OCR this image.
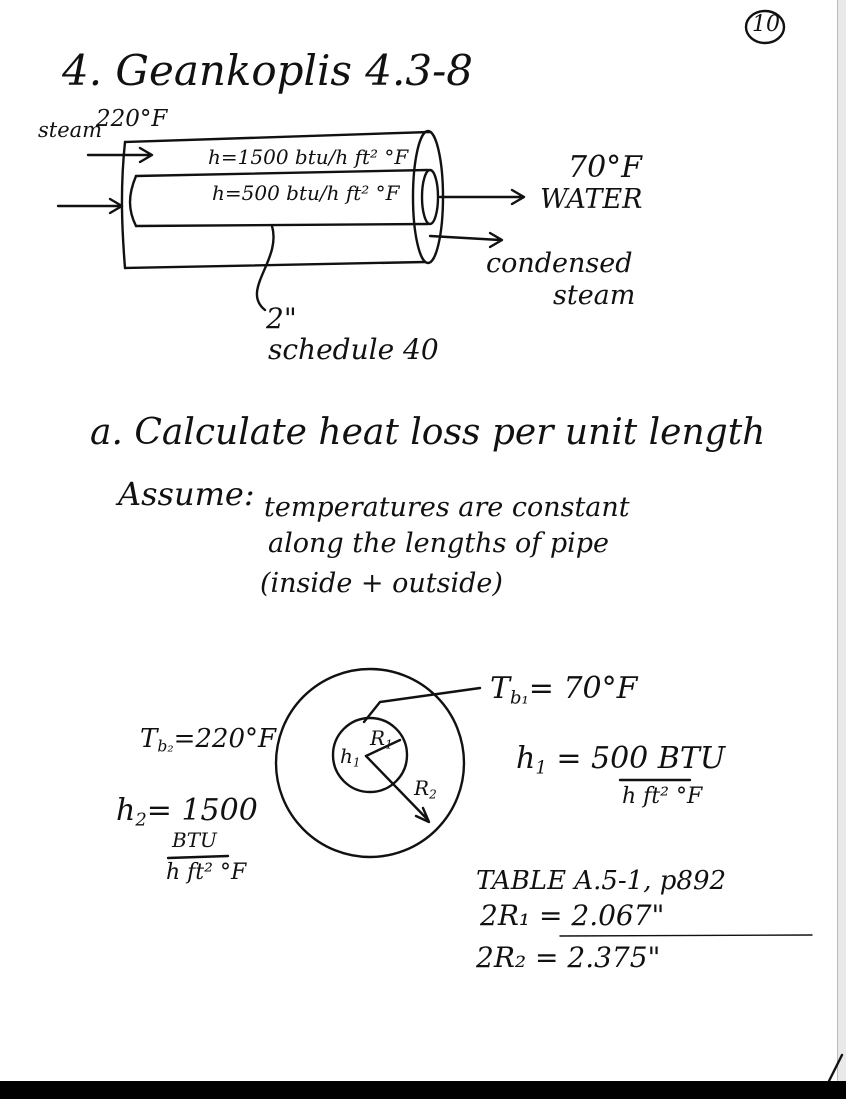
10
4. Geankoplis 4.3-8
220°F
steam
h=1500 btu/h ft² °F
h=500 btu/h ft² °F
70°F
WATER
condensed
steam
2"
schedule 40
a. Calculate heat loss per unit length
Assume: temperatures are constant
along the lengths of pipe
(inside + outside)
$T_{b_1}= 70^\circ F$
$T_{b_2}=220^\circ F$
$h_1$
$R_1$
$R_2$
$h_1 = 500$ BTU
h ft² °F
$h_2= 1500$
BTU
h ft² °F	TABLE A.5-1, p892
2R₁ = 2.067"
2R₂ = 2.375"
